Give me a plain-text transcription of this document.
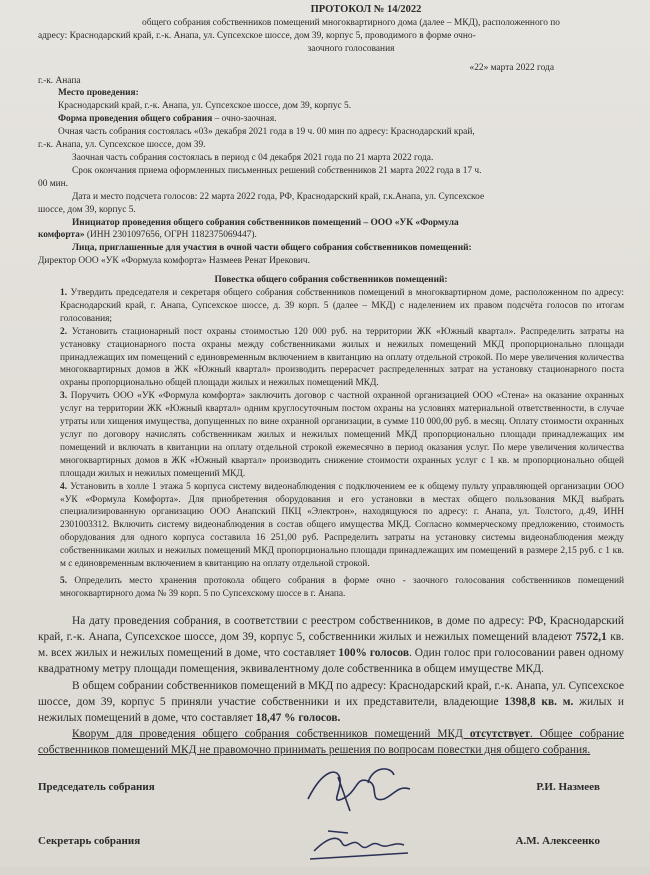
ПРОТОКОЛ № 14/2022

общего собрания собственников помещений многоквартирного дома (далее – МКД), расположенного по

адресу: Краснодарский край, г.-к. Анапа, ул. Супсехское шоссе, дом 39, корпус 5, проводимого в форме очно-

заочного голосования

«22» марта 2022 года

г.-к. Анапа

Место проведения:

Краснодарский край, г.-к. Анапа, ул. Супсехское шоссе, дом 39, корпус 5.

Форма проведения общего собрания – очно-заочная.

Очная часть собрания состоялась «03» декабря 2021 года в 19 ч. 00 мин по адресу: Краснодарский край,

г.-к. Анапа, ул. Супсехское шоссе, дом 39.

Заочная часть собрания состоялась в период с 04 декабря 2021 года по 21 марта 2022 года.

Срок окончания приема оформленных письменных решений собственников 21 марта 2022 года в 17 ч.

00 мин.

Дата и место подсчета голосов: 22 марта 2022 года, РФ, Краснодарский край, г.к.Анапа, ул. Супсехское

шоссе, дом 39, корпус 5.

Инициатор проведения общего собрания собственников помещений – ООО «УК «Формула

комфорта» (ИНН 2301097656, ОГРН 1182375069447).

Лица, приглашенные для участия в очной части общего собрания собственников помещений:

Директор ООО «УК «Формула комфорта» Назмеев Ренат Ирекович.

Повестка общего собрания собственников помещений:

1. Утвердить председателя и секретаря общего собрания собственников помещений в многоквартирном доме, расположенном по адресу: Краснодарский край, г. Анапа, Супсехское шоссе, д. 39 корп. 5 (далее – МКД) с наделением их правом подсчёта голосов по итогам голосования;

2. Установить стационарный пост охраны стоимостью 120 000 руб. на территории ЖК «Южный квартал». Распределить затраты на установку стационарного поста охраны между собственниками жилых и нежилых помещений МКД пропорционально площади принадлежащих им помещений с единовременным включением в квитанцию на оплату отдельной строкой. По мере увеличения количества многоквартирных домов в ЖК «Южный квартал» производить перерасчет распределенных затрат на установку стационарного поста охраны пропорционально общей площади жилых и нежилых помещений МКД.

3. Поручить ООО «УК «Формула комфорта» заключить договор с частной охранной организацией ООО «Стена» на оказание охранных услуг на территории ЖК «Южный квартал» одним круглосуточным постом охраны на условиях материальной ответственности, в случае утраты или хищения имущества, допущенных по вине охранной организации, в сумме 110 000,00 руб. в месяц. Оплату стоимости охранных услуг по договору начислять собственникам жилых и нежилых помещений МКД пропорционально площади принадлежащих им помещений и включать в квитанции на оплату отдельной строкой ежемесячно в период оказания услуг. По мере увеличения количества многоквартирных домов в ЖК «Южный квартал» производить снижение стоимости охранных услуг с 1 кв. м пропорционально общей площади жилых и нежилых помещений МКД.

4. Установить в холле 1 этажа 5 корпуса систему видеонаблюдения с подключением ее к общему пульту управляющей организации ООО «УК «Формула Комфорта». Для приобретения оборудования и его установки в местах общего пользования МКД выбрать специализированную организацию ООО Анапский ПКЦ «Электрон», находящуюся по адресу: г. Анапа, ул. Толстого, д.49, ИНН 2301003312. Включить систему видеонаблюдения в состав общего имущества МКД. Согласно коммерческому предложению, стоимость оборудования для одного корпуса составила 16 251,00 руб. Распределить затраты на установку системы видеонаблюдения между собственниками жилых и нежилых помещений МКД пропорционально площади принадлежащих им помещений в размере 2,15 руб. с 1 кв. м с единовременным включением в квитанцию на оплату отдельной строкой.

5. Определить место хранения протокола общего собрания в форме очно - заочного голосования собственников помещений многоквартирного дома № 39 корп. 5 по Супсехскому шоссе в г. Анапа.

На дату проведения собрания, в соответствии с реестром собственников, в доме по адресу: РФ, Краснодарский край, г.-к. Анапа, Супсехское шоссе, дом 39, корпус 5, собственники жилых и нежилых помещений владеют 7572,1 кв. м. всех жилых и нежилых помещений в доме, что составляет 100% голосов. Один голос при голосовании равен одному квадратному метру площади помещения, эквивалентному доле собственника в общем имуществе МКД.

В общем собрании собственников помещений в МКД по адресу: Краснодарский край, г.-к. Анапа, ул. Супсехское шоссе, дом 39, корпус 5 приняли участие собственники и их представители, владеющие 1398,8 кв. м. жилых и нежилых помещений в доме, что составляет 18,47 % голосов.

Кворум для проведения общего собрания собственников помещений МКД отсутствует. Общее собрание собственников помещений МКД не правомочно принимать решения по вопросам повестки дня общего собрания.

Председатель собрания	Р.И. Назмеев
Секретарь собрания	А.М. Алексеенко
